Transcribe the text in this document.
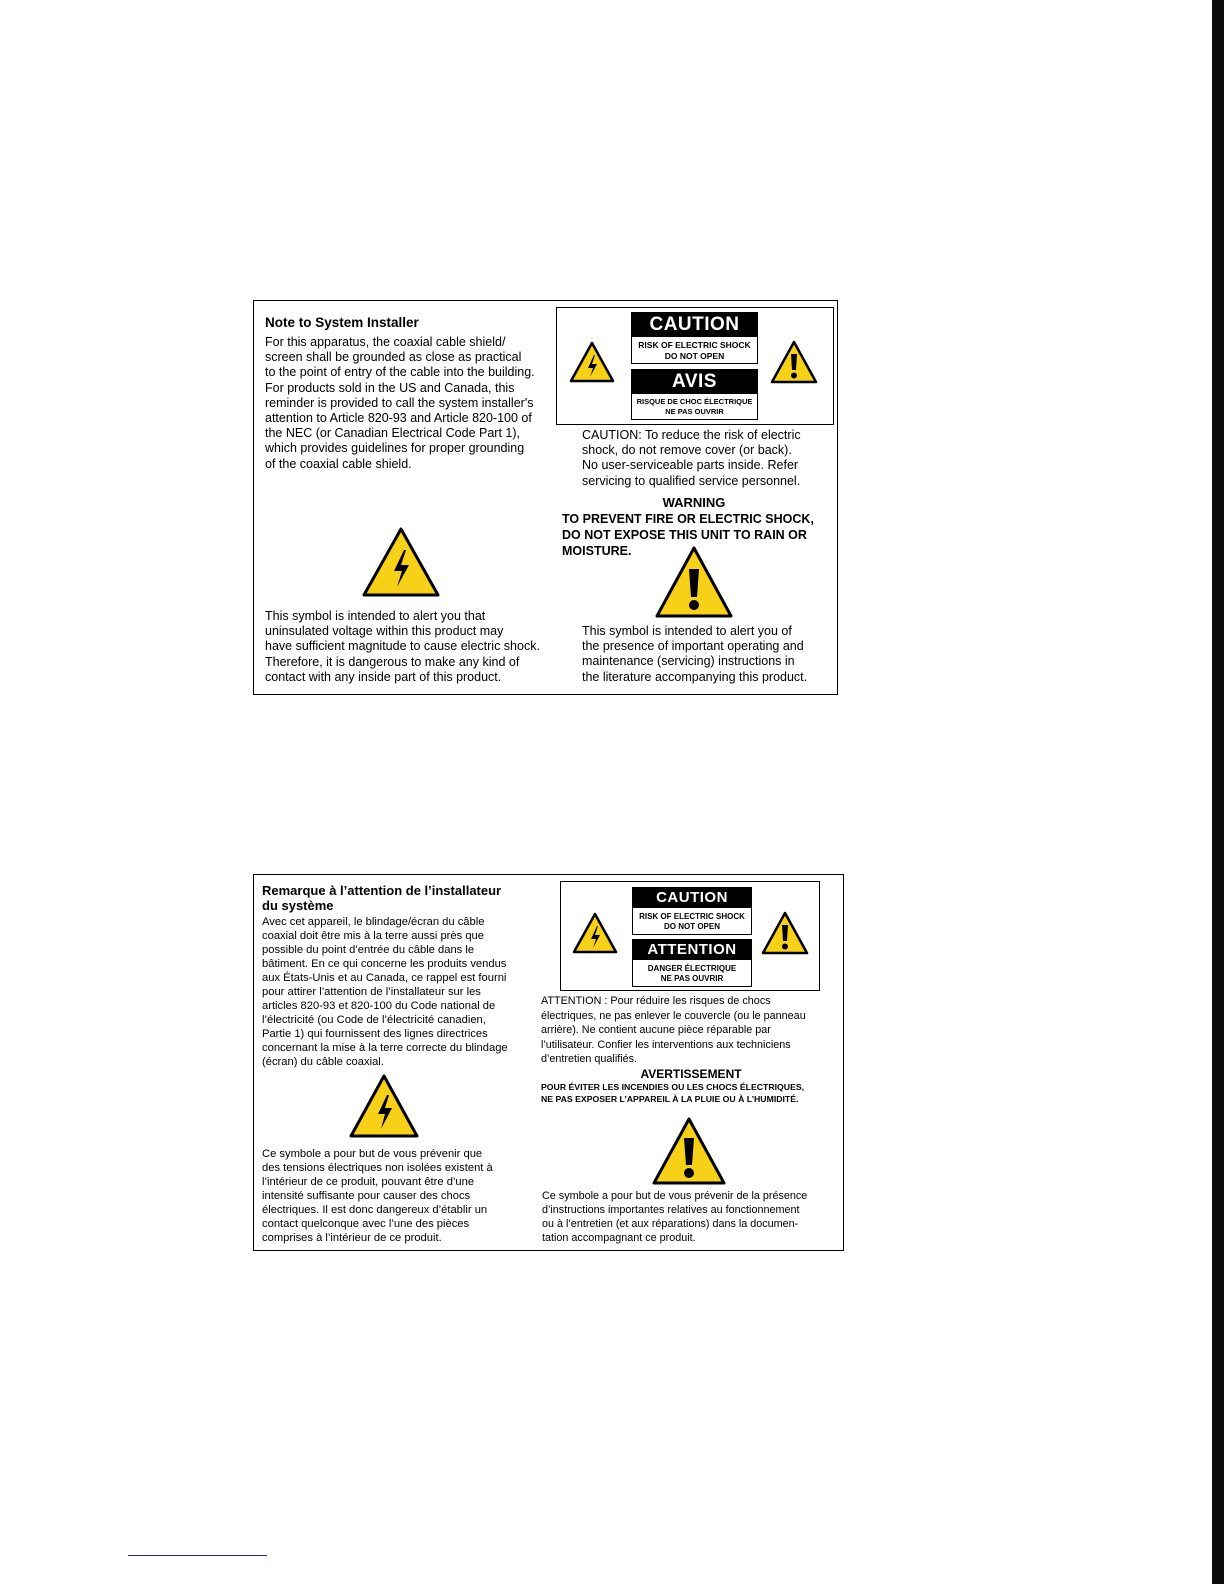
Note to System Installer
For this apparatus, the coaxial cable shield/
screen shall be grounded as close as practical
to the point of entry of the cable into the building.
For products sold in the US and Canada, this
reminder is provided to call the system installer's
attention to Article 820-93 and Article 820-100 of
the NEC (or Canadian Electrical Code Part 1),
which provides guidelines for proper grounding
of the coaxial cable shield.
CAUTION
RISK OF ELECTRIC SHOCK
DO NOT OPEN
AVIS
RISQUE DE CHOC ÉLECTRIQUE
NE PAS OUVRIR
CAUTION: To reduce the risk of electric
shock, do not remove cover (or back).
No user-serviceable parts inside. Refer
servicing to qualified service personnel.
WARNING
TO PREVENT FIRE OR ELECTRIC SHOCK,
DO NOT EXPOSE THIS UNIT TO RAIN OR
MOISTURE.
This symbol is intended to alert you that
uninsulated voltage within this product may
have sufficient magnitude to cause electric shock.
Therefore, it is dangerous to make any kind of
contact with any inside part of this product.
This symbol is intended to alert you of
the presence of important operating and
maintenance (servicing) instructions in
the literature accompanying this product.
Remarque à l’attention de l’installateur
du système
Avec cet appareil, le blindage/écran du câble
coaxial doit être mis à la terre aussi près que
possible du point d’entrée du câble dans le
bâtiment. En ce qui concerne les produits vendus
aux États-Unis et au Canada, ce rappel est fourni
pour attirer l’attention de l’installateur sur les
articles 820-93 et 820-100 du Code national de
l’électricité (ou Code de l’électricité canadien,
Partie 1) qui fournissent des lignes directrices
concernant la mise à la terre correcte du blindage
(écran) du câble coaxial.
CAUTION
RISK OF ELECTRIC SHOCK
DO NOT OPEN
ATTENTION
DANGER ÉLECTRIQUE
NE PAS OUVRIR
ATTENTION : Pour réduire les risques de chocs
électriques, ne pas enlever le couvercle (ou le panneau
arrière). Ne contient aucune pièce réparable par
l’utilisateur. Confier les interventions aux techniciens
d’entretien qualifiés.
AVERTISSEMENT
POUR ÉVITER LES INCENDIES OU LES CHOCS ÉLECTRIQUES,
NE PAS EXPOSER L’APPAREIL À LA PLUIE OU À L’HUMIDITÉ.
Ce symbole a pour but de vous prévenir que
des tensions électriques non isolées existent à
l’intérieur de ce produit, pouvant être d’une
intensité suffisante pour causer des chocs
électriques. Il est donc dangereux d’établir un
contact quelconque avec l’une des pièces
comprises à l’intérieur de ce produit.
Ce symbole a pour but de vous prévenir de la présence
d’instructions importantes relatives au fonctionnement
ou à l’entretien (et aux réparations) dans la documen-
tation accompagnant ce produit.
